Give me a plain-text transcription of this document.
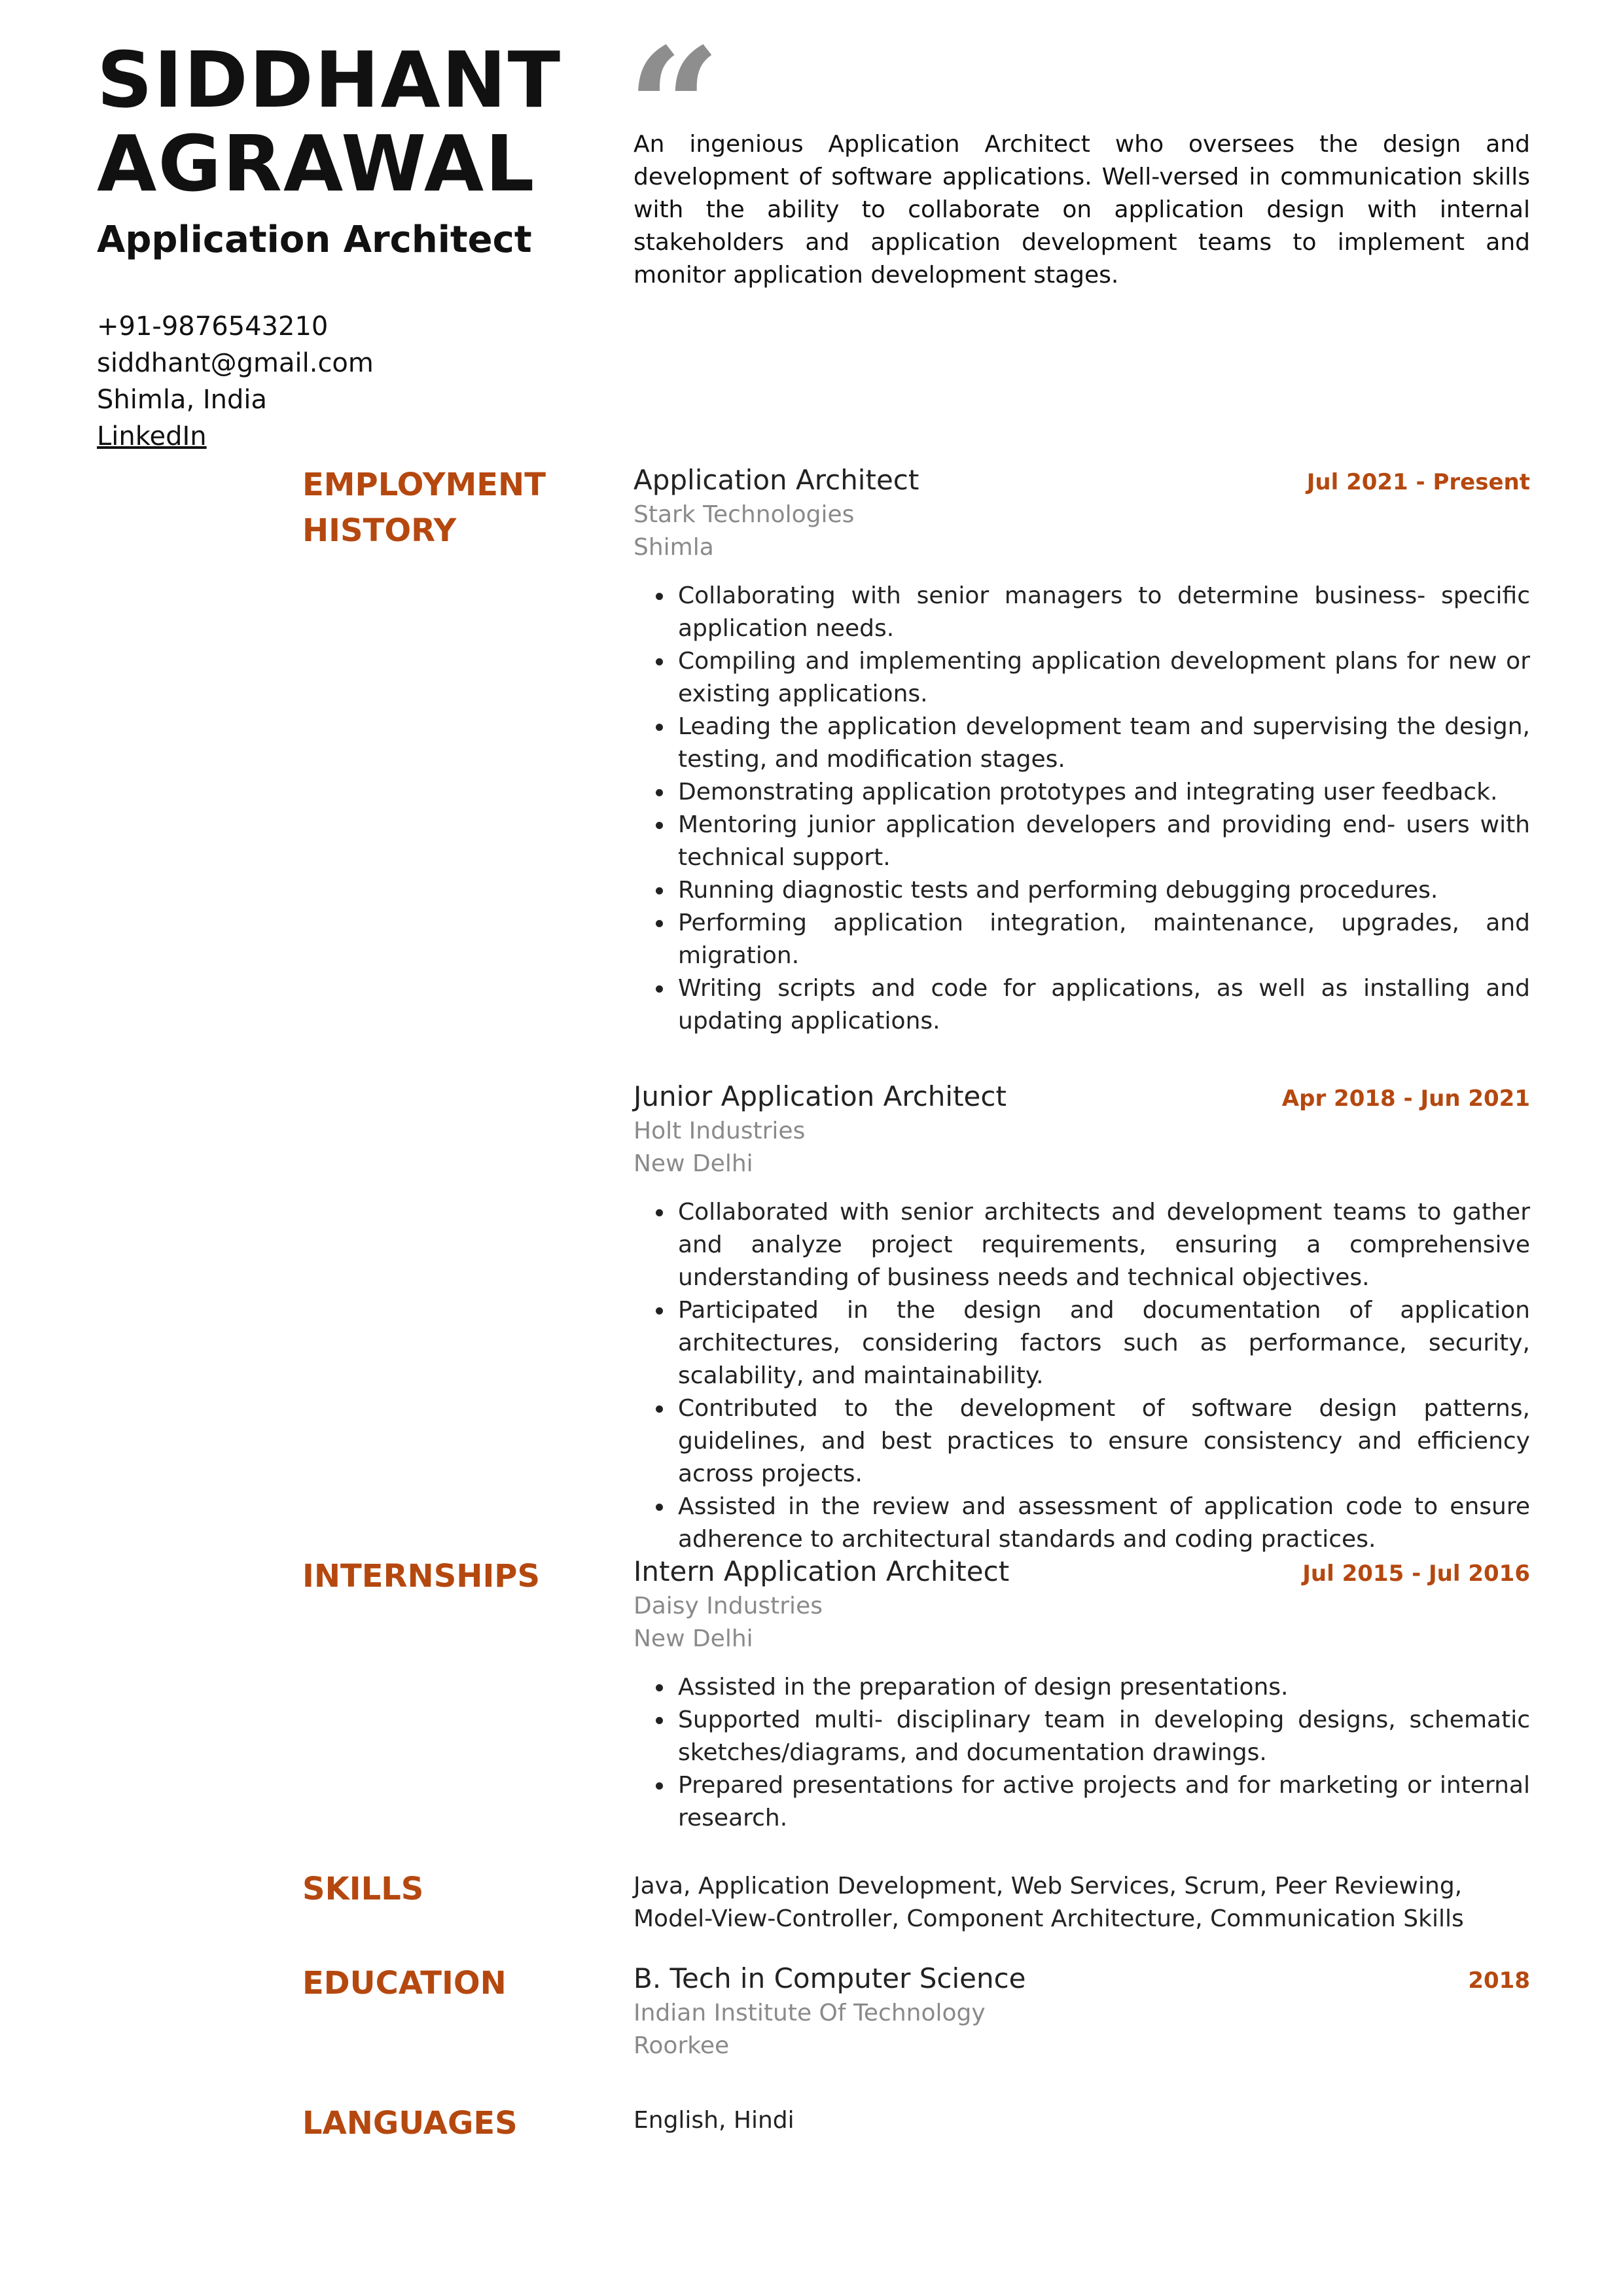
SIDDHANT
AGRAWAL
Application Architect
+91-9876543210
siddhant@gmail.com
Shimla, India
LinkedIn
“
An ingenious Application Architect who oversees the design and development of software applications. Well-versed in communication skills with the ability to collaborate on application design with internal stakeholders and application development teams to implement and monitor application development stages.
EMPLOYMENT HISTORY
Application Architect	Jul 2021 - Present
Stark Technologies
Shimla
• Collaborating with senior managers to determine business- specific application needs.
• Compiling and implementing application development plans for new or existing applications.
• Leading the application development team and supervising the design, testing, and modification stages.
• Demonstrating application prototypes and integrating user feedback.
• Mentoring junior application developers and providing end- users with technical support.
• Running diagnostic tests and performing debugging procedures.
• Performing application integration, maintenance, upgrades, and migration.
• Writing scripts and code for applications, as well as installing and updating applications.
Junior Application Architect	Apr 2018 - Jun 2021
Holt Industries
New Delhi
• Collaborated with senior architects and development teams to gather and analyze project requirements, ensuring a comprehensive understanding of business needs and technical objectives.
• Participated in the design and documentation of application architectures, considering factors such as performance, security, scalability, and maintainability.
• Contributed to the development of software design patterns, guidelines, and best practices to ensure consistency and efficiency across projects.
• Assisted in the review and assessment of application code to ensure adherence to architectural standards and coding practices.
INTERNSHIPS	Intern Application Architect	Jul 2015 - Jul 2016
Daisy Industries
New Delhi
• Assisted in the preparation of design presentations.
• Supported multi- disciplinary team in developing designs, schematic sketches/diagrams, and documentation drawings.
• Prepared presentations for active projects and for marketing or internal research.
SKILLS	Java, Application Development, Web Services, Scrum, Peer Reviewing, Model-View-Controller, Component Architecture, Communication Skills
EDUCATION	B. Tech in Computer Science	2018
Indian Institute Of Technology
Roorkee
LANGUAGES	English, Hindi
